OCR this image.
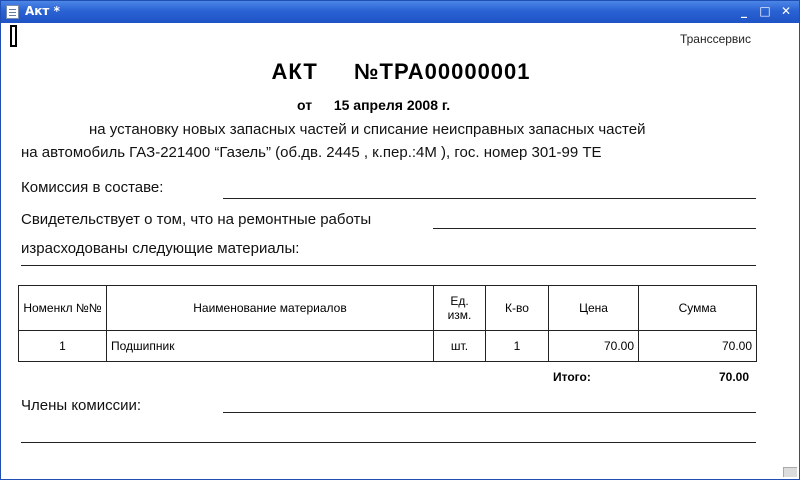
Акт *	_	□ ✕
Транссервис
АКТ №ТРА00000001
от 15 апреля 2008 г.
на установку новых запасных частей и списание неисправных запасных частей
на автомобиль ГАЗ-221400 “Газель” (об.дв. 2445 , к.пер.:4М ), гос. номер 301-99 ТЕ
Комиссия в составе:
Свидетельствует о том, что на ремонтные работы
израсходованы следующие материалы:
Номенкл №№	Наименование материалов	Ед. изм.	К-во	Цена	Сумма
1	Подшипник	шт.	1	70.00	70.00
Итого:	70.00
Члены комиссии:
